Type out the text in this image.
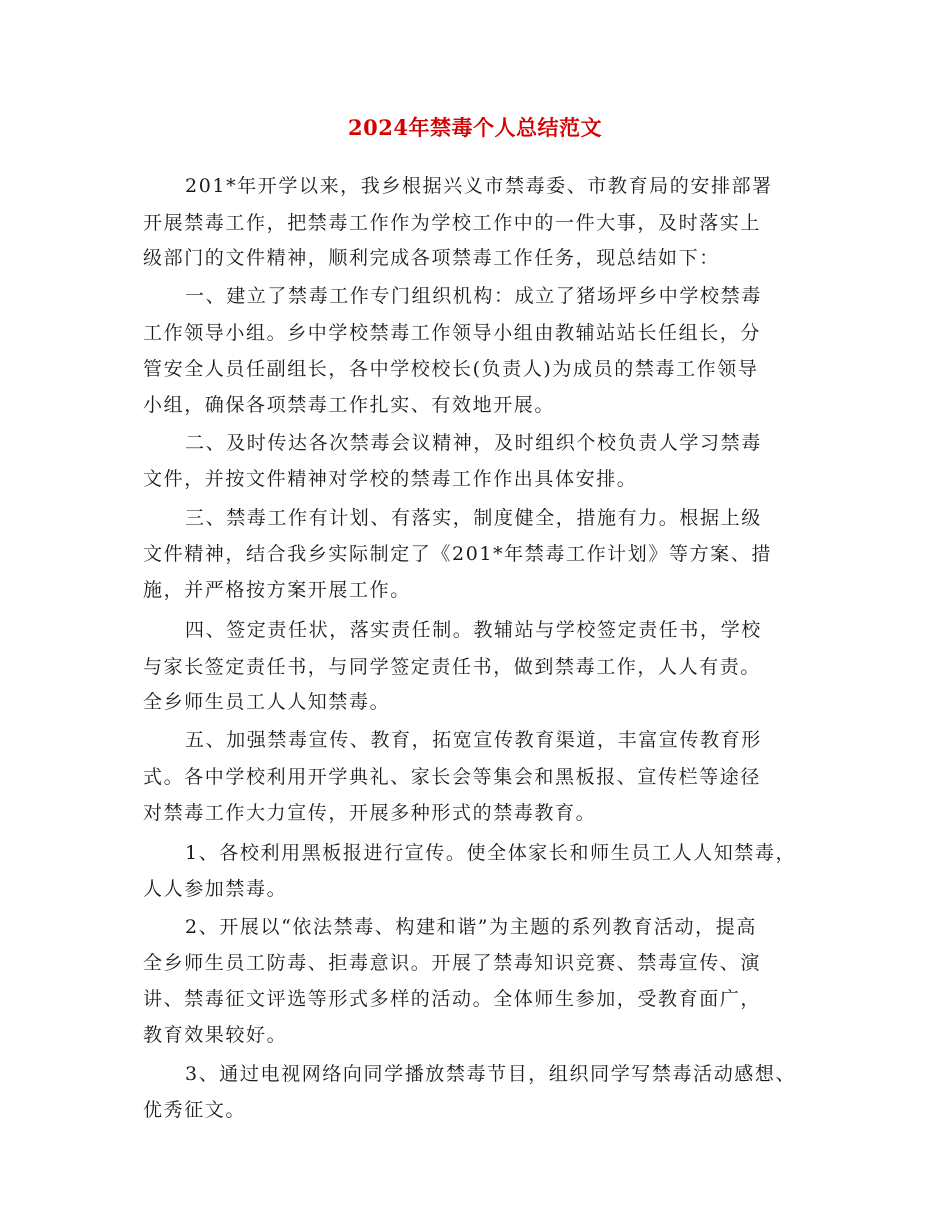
2024年禁毒个人总结范文
201*年开学以来，我乡根据兴义市禁毒委、市教育局的安排部署
开展禁毒工作，把禁毒工作作为学校工作中的一件大事，及时落实上
级部门的文件精神，顺利完成各项禁毒工作任务，现总结如下：
一、建立了禁毒工作专门组织机构：成立了猪场坪乡中学校禁毒
工作领导小组。乡中学校禁毒工作领导小组由教辅站站长任组长，分
管安全人员任副组长，各中学校校长(负责人)为成员的禁毒工作领导
小组，确保各项禁毒工作扎实、有效地开展。
二、及时传达各次禁毒会议精神，及时组织个校负责人学习禁毒
文件，并按文件精神对学校的禁毒工作作出具体安排。
三、禁毒工作有计划、有落实，制度健全，措施有力。根据上级
文件精神，结合我乡实际制定了《201*年禁毒工作计划》等方案、措
施，并严格按方案开展工作。
四、签定责任状，落实责任制。教辅站与学校签定责任书，学校
与家长签定责任书，与同学签定责任书，做到禁毒工作，人人有责。
全乡师生员工人人知禁毒。
五、加强禁毒宣传、教育，拓宽宣传教育渠道，丰富宣传教育形
式。各中学校利用开学典礼、家长会等集会和黑板报、宣传栏等途径
对禁毒工作大力宣传，开展多种形式的禁毒教育。
1、各校利用黑板报进行宣传。使全体家长和师生员工人人知禁毒，
人人参加禁毒。
2、开展以“依法禁毒、构建和谐”为主题的系列教育活动，提高
全乡师生员工防毒、拒毒意识。开展了禁毒知识竞赛、禁毒宣传、演
讲、禁毒征文评选等形式多样的活动。全体师生参加，受教育面广，
教育效果较好。
3、通过电视网络向同学播放禁毒节目，组织同学写禁毒活动感想、
优秀征文。
